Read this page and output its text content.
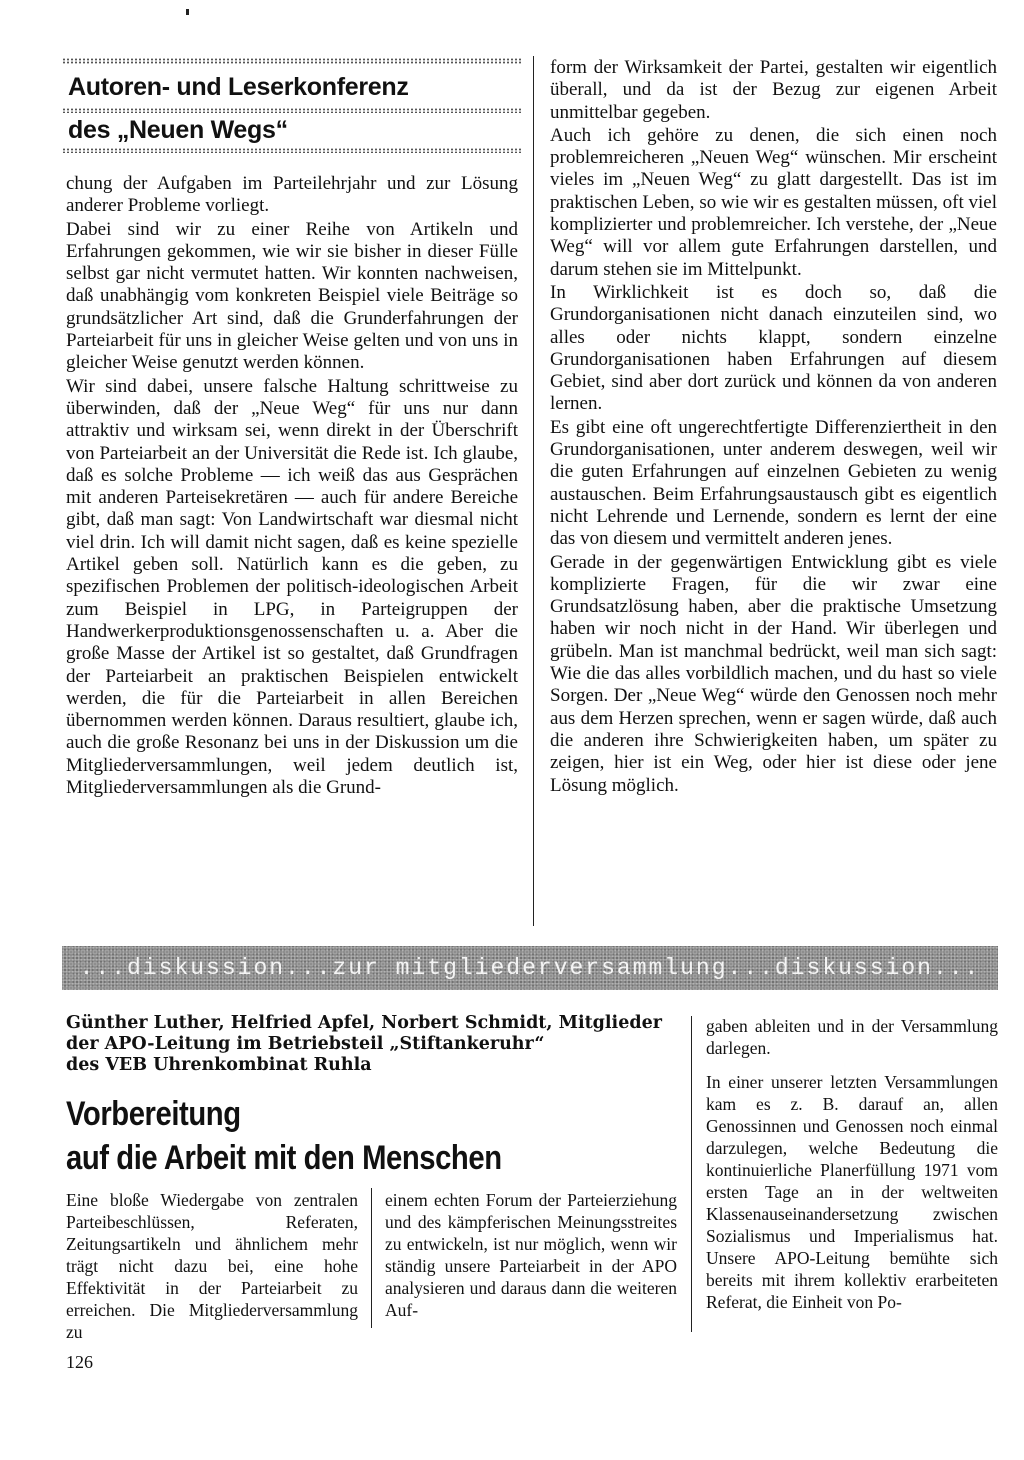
Autoren- und Leserkonferenz
des „Neuen Wegs“

chung der Aufgaben im Parteilehrjahr und zur Lösung anderer Probleme vorliegt.

Dabei sind wir zu einer Reihe von Artikeln und Erfahrungen gekommen, wie wir sie bisher in dieser Fülle selbst gar nicht vermutet hatten. Wir konnten nachweisen, daß unabhängig vom konkreten Beispiel viele Beiträge so grundsätzlicher Art sind, daß die Grunderfahrungen der Parteiarbeit für uns in gleicher Weise gelten und von uns in gleicher Weise genutzt werden können.

Wir sind dabei, unsere falsche Haltung schrittweise zu überwinden, daß der „Neue Weg“ für uns nur dann attraktiv und wirksam sei, wenn direkt in der Überschrift von Parteiarbeit an der Universität die Rede ist. Ich glaube, daß es solche Probleme — ich weiß das aus Gesprächen mit anderen Parteisekretären — auch für andere Bereiche gibt, daß man sagt: Von Landwirtschaft war diesmal nicht viel drin. Ich will damit nicht sagen, daß es keine spezielle Artikel geben soll. Natürlich kann es die geben, zu spezifischen Problemen der politisch-ideologischen Arbeit zum Beispiel in LPG, in Parteigruppen der Handwerkerproduktionsgenossenschaften u. a. Aber die große Masse der Artikel ist so gestaltet, daß Grundfragen der Parteiarbeit an praktischen Beispielen entwickelt werden, die für die Parteiarbeit in allen Bereichen übernommen werden können. Daraus resultiert, glaube ich, auch die große Resonanz bei uns in der Diskussion um die Mitgliederversammlungen, weil jedem deutlich ist, Mitgliederversammlungen als die Grund-

form der Wirksamkeit der Partei, gestalten wir eigentlich überall, und da ist der Bezug zur eigenen Arbeit unmittelbar gegeben.

Auch ich gehöre zu denen, die sich einen noch problemreicheren „Neuen Weg“ wünschen. Mir erscheint vieles im „Neuen Weg“ zu glatt dargestellt. Das ist im praktischen Leben, so wie wir es gestalten müssen, oft viel komplizierter und problemreicher. Ich verstehe, der „Neue Weg“ will vor allem gute Erfahrungen darstellen, und darum stehen sie im Mittelpunkt.

In Wirklichkeit ist es doch so, daß die Grundorganisationen nicht danach einzuteilen sind, wo alles oder nichts klappt, sondern einzelne Grundorganisationen haben Erfahrungen auf diesem Gebiet, sind aber dort zurück und können da von anderen lernen.

Es gibt eine oft ungerechtfertigte Differenziertheit in den Grundorganisationen, unter anderem deswegen, weil wir die guten Erfahrungen auf einzelnen Gebieten zu wenig austauschen. Beim Erfahrungsaustausch gibt es eigentlich nicht Lehrende und Lernende, sondern es lernt der eine das von diesem und vermittelt anderen jenes.

Gerade in der gegenwärtigen Entwicklung gibt es viele komplizierte Fragen, für die wir zwar eine Grundsatzlösung haben, aber die praktische Umsetzung haben wir noch nicht in der Hand. Wir überlegen und grübeln. Man ist manchmal bedrückt, weil man sich sagt: Wie die das alles vorbildlich machen, und du hast so viele Sorgen. Der „Neue Weg“ würde den Genossen noch mehr aus dem Herzen sprechen, wenn er sagen würde, daß auch die anderen ihre Schwierigkeiten haben, um später zu zeigen, hier ist ein Weg, oder hier ist diese oder jene Lösung möglich.

...diskussion...zur mitgliederversammlung...diskussion...
Günther Luther, Helfried Apfel, Norbert Schmidt, Mitglieder
der APO-Leitung im Betriebsteil „Stiftankeruhr“
des VEB Uhrenkombinat Ruhla
Vorbereitung
auf die Arbeit mit den Menschen

Eine bloße Wiedergabe von zentralen Parteibeschlüssen, Referaten, Zeitungsartikeln und ähnlichem mehr trägt nicht dazu bei, eine hohe Effektivität in der Parteiarbeit zu erreichen. Die Mitgliederversammlung zu

einem echten Forum der Parteierziehung und des kämpferischen Meinungsstreites zu entwickeln, ist nur möglich, wenn wir ständig unsere Parteiarbeit in der APO analysieren und daraus dann die weiteren Auf-

gaben ableiten und in der Versammlung darlegen.

In einer unserer letzten Versammlungen kam es z. B. darauf an, allen Genossinnen und Genossen noch einmal darzulegen, welche Bedeutung die kontinuierliche Planerfüllung 1971 vom ersten Tage an in der weltweiten Klassenauseinandersetzung zwischen Sozialismus und Imperialismus hat. Unsere APO-Leitung bemühte sich bereits mit ihrem kollektiv erarbeiteten Referat, die Einheit von Po-

126
